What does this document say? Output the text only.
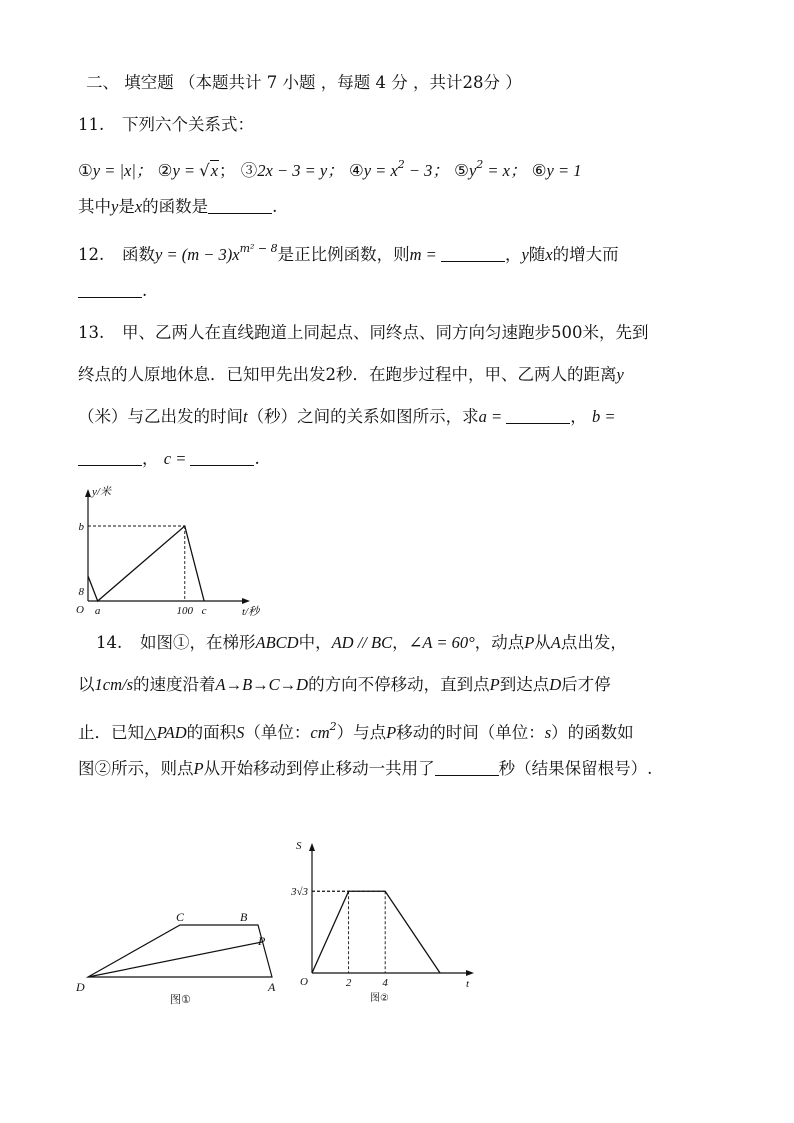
二、 填空题 （本题共计 7 小题 ，每题 4 分 ，共计28分 ）
11. 下列六个关系式：
①y = |x|； ②y = √x； ③2x − 3 = y； ④y = $x^2 - 3$； $⑤y^2 = x$； ⑥y = 1
其中y是x的函数是	.
12. 函数$y = (m - 3)x^{m^2 - 8}$是正比例函数，则m =	，y随x的增大而
.
13. 甲、乙两人在直线跑道上同起点、同终点、同方向匀速跑步500米，先到
终点的人原地休息．已知甲先出发2秒．在跑步过程中，甲、乙两人的距离y
（米）与乙出发的时间t（秒）之间的关系如图所示，求a =	， b =
， c =	.
O	t/秒
y/米
a	100 c
8
b
14. 如图①，在梯形ABCD中，AD // BC，∠A = 60°，动点P从A点出发，
以1cm/s的速度沿着A→B→C→D的方向不停移动，直到点P到达点D后才停
止．已知△PAD的面积S（单位：$cm^2$）与点P移动的时间（单位：s）的函数如
图②所示，则点P从开始移动到停止移动一共用了	秒（结果保留根号）.
D	A
B
C
P
图①
O	t
S
2	4
3√3
图②
